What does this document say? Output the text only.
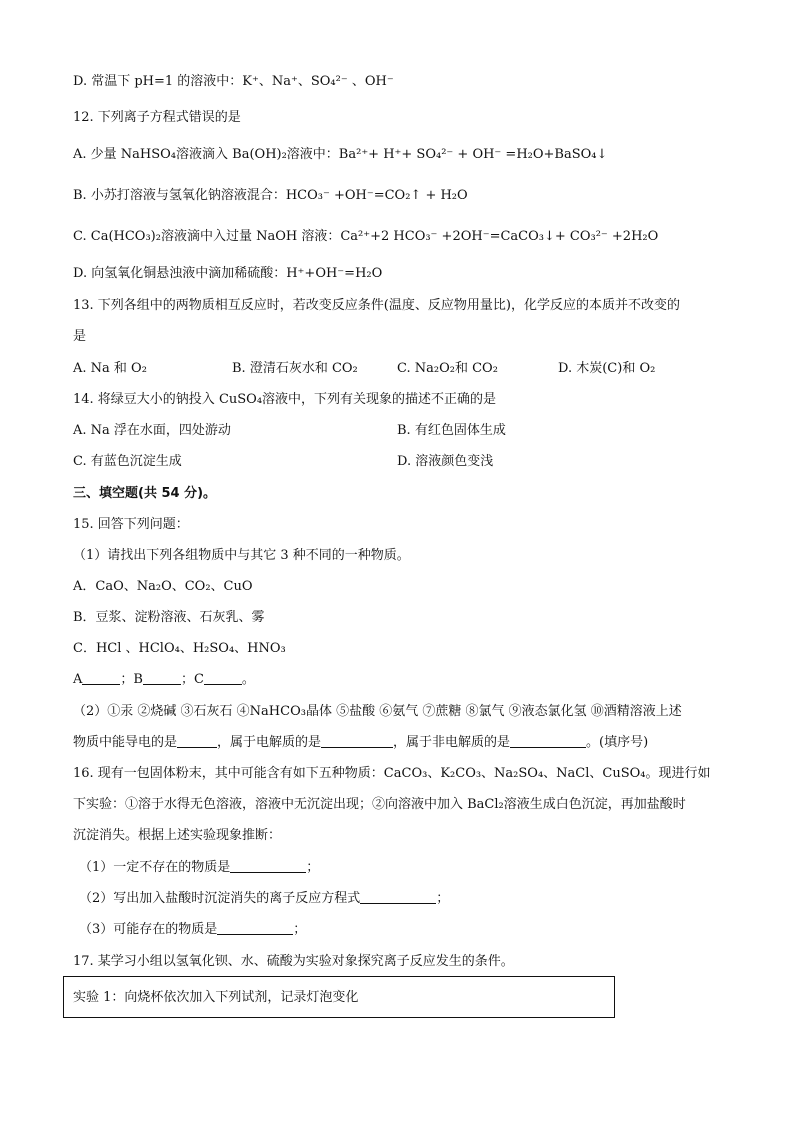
D. 常温下 pH=1 的溶液中：K⁺、Na⁺、SO₄²⁻ 、OH⁻
12. 下列离子方程式错误的是
A. 少量 NaHSO₄溶液滴入 Ba(OH)₂溶液中：Ba²⁺+ H⁺+ SO₄²⁻ + OH⁻ =H₂O+BaSO₄↓
B. 小苏打溶液与氢氧化钠溶液混合：HCO₃⁻ +OH⁻=CO₂↑ + H₂O
C. Ca(HCO₃)₂溶液滴中入过量 NaOH 溶液：Ca²⁺+2 HCO₃⁻ +2OH⁻=CaCO₃↓+ CO₃²⁻ +2H₂O
D. 向氢氧化铜悬浊液中滴加稀硫酸：H⁺+OH⁻=H₂O
13. 下列各组中的两物质相互反应时，若改变反应条件(温度、反应物用量比)，化学反应的本质并不改变的
是
A. Na 和 O₂	B. 澄清石灰水和 CO₂	C. Na₂O₂和 CO₂	D. 木炭(C)和 O₂
14. 将绿豆大小的钠投入 CuSO₄溶液中，下列有关现象的描述不正确的是
A. Na 浮在水面，四处游动	B. 有红色固体生成
C. 有蓝色沉淀生成	D. 溶液颜色变浅
三、填空题(共 54 分)。
15. 回答下列问题：
（1）请找出下列各组物质中与其它 3 种不同的一种物质。
A．CaO、Na₂O、CO₂、CuO
B．豆浆、淀粉溶液、石灰乳、雾
C．HCl 、HClO₄、H₂SO₄、HNO₃
A	；B	；C	。
（2）①汞 ②烧碱 ③石灰石 ④NaHCO₃晶体 ⑤盐酸 ⑥氨气 ⑦蔗糖 ⑧氯气 ⑨液态氯化氢 ⑩酒精溶液上述
物质中能导电的是	，属于电解质的是	，属于非电解质的是	。(填序号)
16. 现有一包固体粉末，其中可能含有如下五种物质：CaCO₃、K₂CO₃、Na₂SO₄、NaCl、CuSO₄。现进行如
下实验：①溶于水得无色溶液，溶液中无沉淀出现；②向溶液中加入 BaCl₂溶液生成白色沉淀，再加盐酸时
沉淀消失。根据上述实验现象推断：
（1）一定不存在的物质是	；
（2）写出加入盐酸时沉淀消失的离子反应方程式	；
（3）可能存在的物质是	；
17. 某学习小组以氢氧化钡、水、硫酸为实验对象探究离子反应发生的条件。
实验 1：向烧杯依次加入下列试剂，记录灯泡变化
